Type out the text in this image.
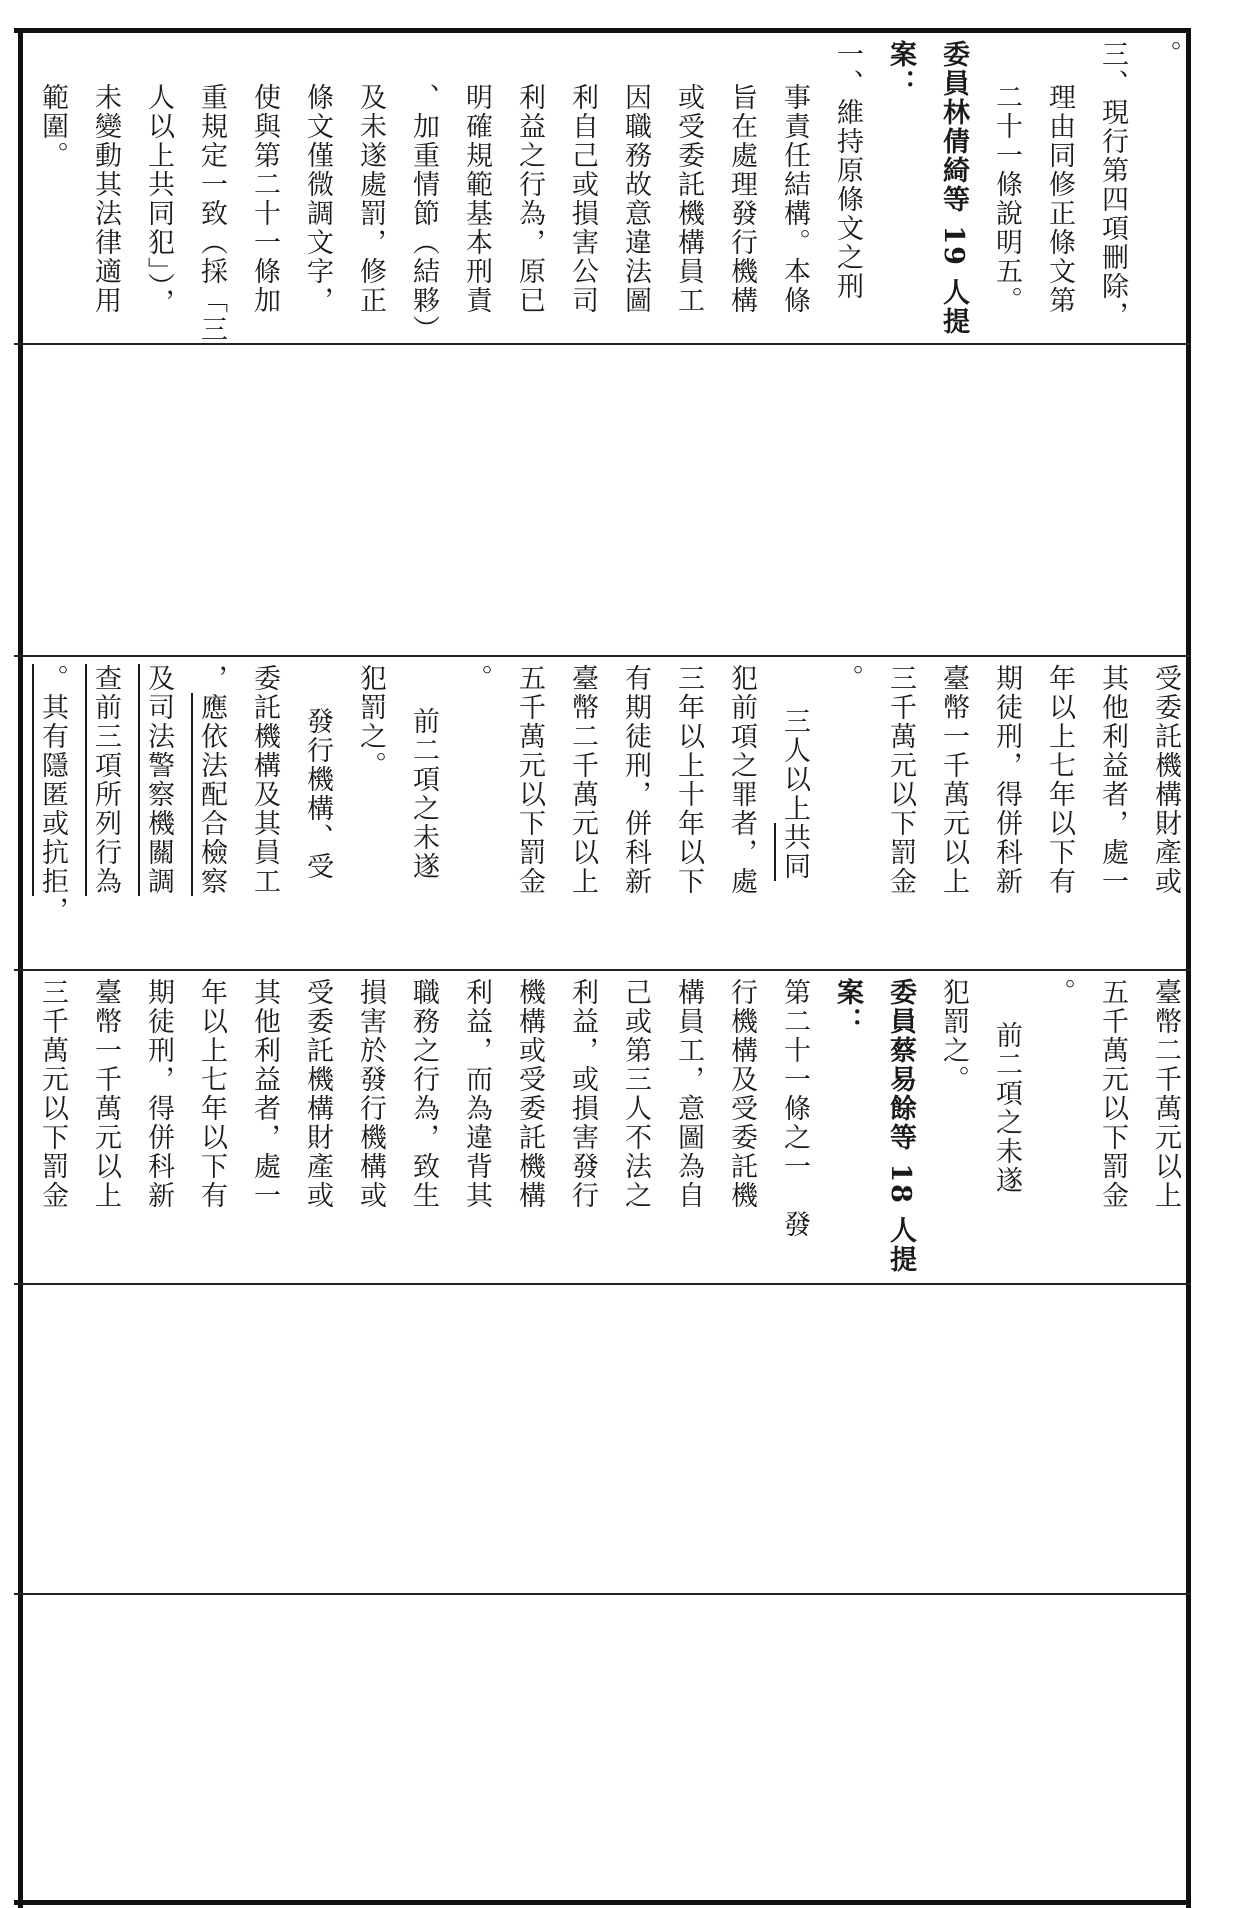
。

三、現行第四項刪除，

理由同修正條文第

二十一條說明五。

委員林倩綺等 19 人提

案：

一、維持原條文之刑

事責任結構。本條

旨在處理發行機構

或受委託機構員工

因職務故意違法圖

利自己或損害公司

利益之行為，原已

明確規範基本刑責

、加重情節（結夥）

及未遂處罰，修正

條文僅微調文字，

使與第二十一條加

重規定一致（採「三

人以上共同犯」），

未變動其法律適用

範圍。

受委託機構財產或

其他利益者，處一

年以上七年以下有

期徒刑，得併科新

臺幣一千萬元以上

三千萬元以下罰金

。

三人以上共同

犯前項之罪者，處

三年以上十年以下

有期徒刑，併科新

臺幣二千萬元以上

五千萬元以下罰金

。

前二項之未遂

犯罰之。

發行機構、受

委託機構及其員工

，應依法配合檢察

及司法警察機關調

查前三項所列行為

。其有隱匿或抗拒，

臺幣二千萬元以上

五千萬元以下罰金

。

前二項之未遂

犯罰之。

委員蔡易餘等 18 人提

案：

第二十一條之一　發

行機構及受委託機

構員工，意圖為自

己或第三人不法之

利益，或損害發行

機構或受委託機構

利益，而為違背其

職務之行為，致生

損害於發行機構或

受委託機構財產或

其他利益者，處一

年以上七年以下有

期徒刑，得併科新

臺幣一千萬元以上

三千萬元以下罰金
